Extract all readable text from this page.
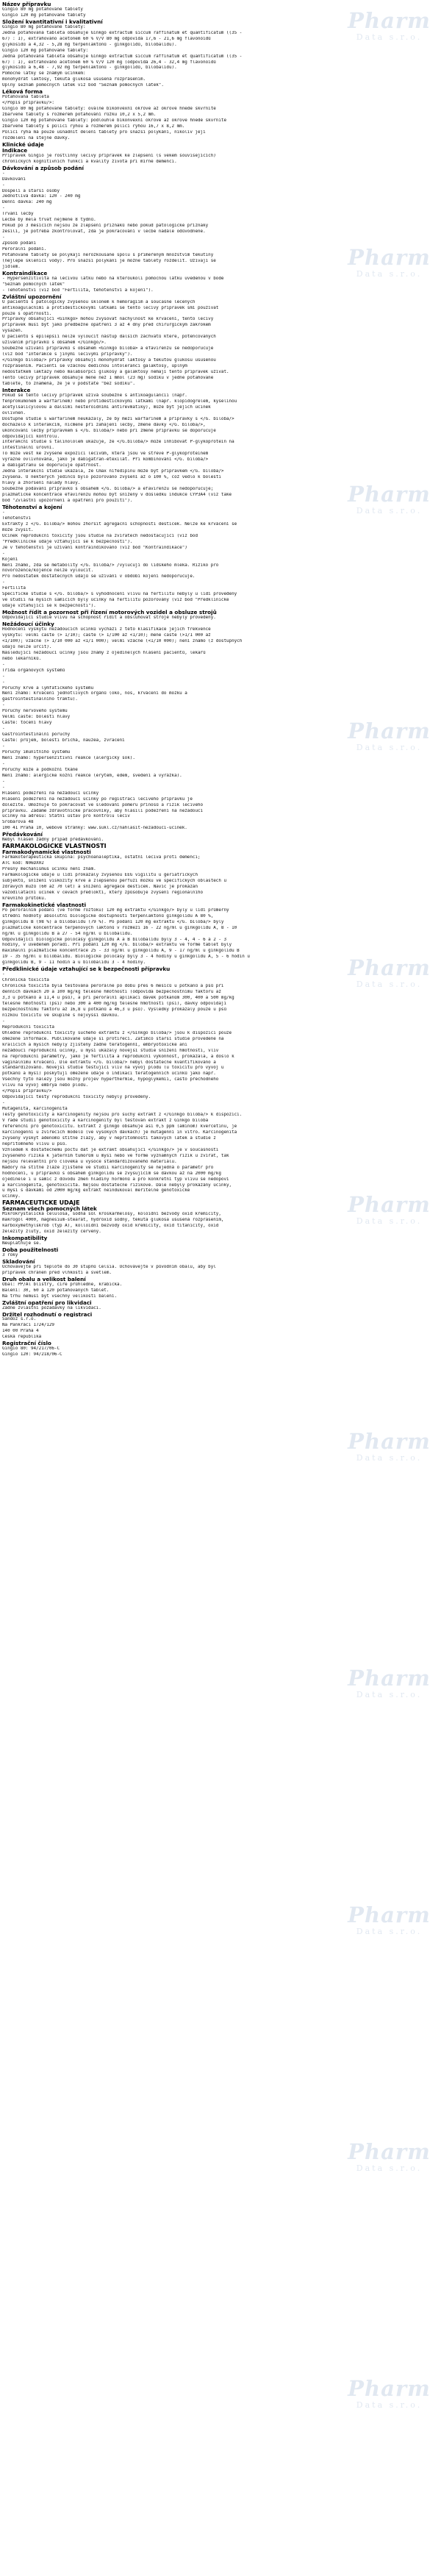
Název přípravku
Gingio 80 mg potahované tablety
Gingio 120 mg potahované tablety
Složení kvantitativní i kvalitativní
Gingio 80 mg potahované tablety:
Jedna potahovaná tableta obsahuje Ginkgo extractum siccum raffinatum et quantificatum ((35 -
67) : 1), extrahováno acetonem 60 % V/V 80 mg odpovídá 17,6 - 21,6 mg flavonoidů
glykosidů a 4,32 - 5,28 mg terpenlaktonů - ginkgolidů, bilobalidu).
Gingio 120 mg potahované tablety:
Jedna potahovaná tableta obsahuje Ginkgo extractum siccum raffinatum et quantificatum ((35 -
67) : 1), extrahováno acetonem 60 % V/V 120 mg (odpovídá 26,4 - 32,4 mg flavonoidů
glykosidů a 6,48 - 7,92 mg terpenlaktonů - ginkgolidů, bilobalidu).
Pomocné látky se známým účinkem:
monohydrát laktosy, tekutá glukosa usušená rozprášením.
Úplný seznam pomocných látek viz bod "Seznam pomocných látek".
Léková forma
Potahovaná tableta
</Popis přípravku/>:
Gingio 80 mg potahované tablety: oválné bikonvexní okrově až okrově hnědé skvrnité
zbarvené tablety s rozměrem potahování růžku 10,2 x 5,2 mm.
Gingio 120 mg potahované tablety: podlouhlé bikonvexní okrově až okrově hnědé skvrnité
zbarvené tablety s půlicí rýhou a rozměrem půlicí rýhou 16,7 x 8,2 mm.
Půlicí rýha má pouze usnadnit dělení tablety pro snazší polykání, nikoliv její
rozdělení na stejné dávky.
Klinické údaje
Indikace
Přípravek Gingio je rostlinný léčivý přípravek ke zlepšení (s věkem souvisejících)
chronických kognitivních funkcí a kvality života při mírné demenci.
Dávkování a způsob podání
-
Dávkování
-
Dospělí a starší osoby
Jednotlivá dávka: 120 - 240 mg
Denní dávka: 240 mg
-
Trvání léčby
Léčba by měla trvat nejméně 8 týdnů.
Pokud po 3 měsících nejsou že zlepšení příznaků nebo pokud patologické příznaky
zesílí, je potřeba zkontrolovat, zda je pokračování v léčbě nadále odůvodněné.
-
Způsob podání
Perorální podání.
Potahované tablety se polykají nerozkousané spolu s přiměřeným množstvím tekutiny
(nejlépe sklenicí vody). Pro snazší polykání je možné tablety rozdělit. Užívají se
jídlem.
Kontraindikace
- Hypersenzitivita na léčivou látku nebo na kteroukoli pomocnou látku uvedenou v bodě
"Seznam pomocných látek"
- Těhotenství (viz bod "Fertilita, těhotenství a kojení").
Zvláštní upozornění
U pacientů s patologicky zvýšenou sklonem k hemoragiím a současně léčených
antikoagulačními a protidestičkovými látkami se tento léčivý přípravek smí používat
pouze s opatrností.
Přípravky obsahující <Ginkgo> mohou zvyšovat náchylnost ke krvácení, tento léčivý
přípravek musí být jako předběžné opatření 3 až 4 dny před chirurgickým zákrokem
vysazen.
U pacientů s epilepsií nelze vyloučit nástup dalších záchvatů které, potencovaných
užíváním přípravků s obsahem </Ginkgo/>.
Souběžné užívání přípravků s obsahem <Ginkgo biloba> a efavirenzu se nedoporučuje
(viz bod "Interakce s jinými léčivými přípravky").
</Ginkgo biloba/> přípravky obsahují monohydrát laktosy a tekutou glukosu usušenou
rozprášením. Pacienti se vzácnou dědičnou intolerancí galaktosy, úplným
nedostatkem laktázy nebo malabsorpcí glukosy a galaktosy nemají tento přípravek užívat.
Tento léčivý přípravek obsahuje méně než 1 mmol (23 mg) sodíku v jedné potahované
tabletě, to znamená, že je v podstatě "bez sodíku".
Interakce
Pokud se tento léčivý přípravek užívá souběžně s antikoagulancii (např.
fenprokumonem a warfarinem) nebo protidestičkovými látkami (např. klopidogrelem, kyselinou
acetylsalicylovou a dalšími nesteroidními antirevmatiky), může být jejich účinek
ovlivněn.
Dostupné studie s warfarinem neukázaly, že by mezi warfarinem a přípravky s </G. biloba/>
docházelo k interakcím, nicméně při zahájení léčby, změně dávky </G. biloba/>,
ukončování léčby přípravkem s </G. biloba/> nebo při změně přípravku se doporučuje
odpovídající kontrolu.
Interakční studie s talinololem ukazuje, že </G.biloba/> může inhibovat P-glykoprotein na
intestinální úrovni.
To může vést ke zvýšené expozici léčivům, která jsou ve střevě P-glykoproteinem
výrazně ovlivňována, jako je dabigatran-etexilát. Při kombinování </G. biloba/>
a dabigatranu se doporučuje opatrnost.
Jedna interakční studie ukázala, že Cmax nifedipinu může být přípravkem </G. biloba/>
zvýšena. U některých jedinců bylo pozorováno zvýšení až o 100 %, což vedlo k bolesti
hlavy a zhoršení nálady hlavy.
Souběžné podávání přípravků s obsahem </G. biloba/> a efavirenzu se nedoporučuje;
plazmatické koncentrace efavirenzu mohou být snížený v důsledku indukce CYP3A4 (viz také
bod "Zvláštní upozornění a opatření pro použití").
Těhotenství a kojení
-
Těhotenství
Extrakty z </G. biloba/> mohou zhoršit agregační schopnosti destiček. Nelze ke krvácení se
může zvýšit.
Účinek reprodukční toxicity jsou studie na zvířatech nedostačující (viz bod
"Předklinické údaje vztahující se k bezpečnosti").
Je v těhotenství je užívání kontraindikováno (viz bod "Kontraindikace")
-
Kojení
Není známo, zda se metabolity </G. biloba/> /vylučují do lidského mléka. Riziko pro
novorozence/kojence nelze vyloučit.
Pro nedostatek dostatečných údajů se užívání v období kojení nedoporučuje.
-
Fertilita
Specifické studie s </G. biloba/> s vyhodnocení vlivu na fertilitu nebyly u lidí provedeny
ve studii na myších samicích byly účinky na fertilitu pozorovány (viz bod "Předklinické
údaje vztahující se k bezpečnosti").
Možnost řídit a pozornost při řízení motorových vozidel a obsluze strojů
Odpovídající studie vlivu na schopnost řídit a obsluhovat stroje nebyly provedeny.
Nežádoucí účinky
Hodnocení výskytu nežádoucích účinků vychází z této klasifikace jejich frekvence
výskytu: velmi časté (> 1/10); časté (> 1/100 až <1/10); méně časté (>1/1 000 až
<1/100); vzácné (> 1/10 000 až <1/1 000); velmi vzácné (<1/10 000); není známo (z dostupných
údajů nelze určit).
Následující nežádoucí účinky jsou známy z ojedinělých hlášení pacientů, lékařů
nebo lékárníků.
-
Třída orgánových systémů
-
-
Poruchy krve a lymfatického systému
Není známo: krvácení jednotlivých orgánů (oko, nos, krvácení do mozku a
gastrointestinálního traktu).
-
Poruchy nervového systému
Velmi časté: bolesti hlavy
Časté: točení hlavy
-
Gastrointestinální poruchy
Časté: průjem, bolesti břicha, nauzea, zvracení
-
Poruchy imunitního systému
Není známo: hypersenzitivní reakce (alergický šok).
-
Poruchy kůže a podkožní tkáně
Není známo: alergické kožní reakce (erytém, edém, svědění a vyrážka).
-
-
Hlášení podezření na nežádoucí účinky
Hlášení podezření na nežádoucí účinky po registraci léčivého přípravku je
důležité. Umožňuje to pokračovat ve sledování poměru přínosů a rizik léčivého
přípravku. Žádáme zdravotnické pracovníky, aby hlásili podezření na nežádoucí
účinky na adresu: Státní ústav pro kontrolu léčiv
Šrobárova 48
100 41 Praha 10, webové stránky: www.sukl.cz/nahlasit-nezadouci-ucinek.
Předávkování
Nebyl hlášen žádný případ předávkování.
FARMAKOLOGICKÉ VLASTNOSTI
Farmakodynamické vlastnosti
Farmakoterapeutická skupina: psychoanaleptika, ostatní léčiva proti demenci;
ATC kód: N06DX02
Přesný mechanismus účinku není znám.
Farmakologické údaje u lidí prokázaly zvýšenou EEG vigilitu u geriatrických
subjektů, snížení viskozity krve a zlepšenou perfuzi mozku ve specifických oblastech u
zdravých mužů (60 až 70 let) a snížení agregace destiček. Navíc je prokázán
vazodilatační účinek v cévách předloktí, který způsobuje zvýšení regionálního
krevního průtoku.
Farmakokinetické vlastnosti
Po perorálním podání (ve formě roztoku) 120 mg extraktu </Ginkgo/> byly u lidí průměrný
střední hodnoty absolutní biologické dostupnosti terpenlaktonů ginkgolidu A 80 %,
ginkgolidu B (98 %) a bilobalidu (79 %). Po podání 120 mg extraktu </G. biloba/> byly
plazmatické koncentrace terpenových laktonů v rozmezí 16 - 22 ng/ml u ginkgolidu A, 8 - 10
ng/ml u ginkgolidu B a 27 - 54 ng/ml u bilobalidu.
Odpovídající biologické poločasy ginkgolidu A a B bilobalidu byly 3 - 4, 4 - 6 a 2 - 3
hodiny, v uvedeném pořadí. Při podání 120 mg </G. biloba/> extraktu ve formě tablet byly
maximální plazmatické koncentrace 25 - 33 ng/ml u ginkgolidu A, 9 - 17 ng/ml u ginkgolidu B
19 - 35 ng/ml u bilobalidu. Biologické poločasy byly 3 - 4 hodiny u ginkgolidu A, 5 - 6 hodin u
ginkgolidu B, 9 - 11 hodin a u bilobalidu 3 - 4 hodiny.
Předklinické údaje vztahující se k bezpečnosti přípravku
-
Chronická toxicita
Chronická toxicita byla testována perorálně po dobu přes 6 měsíců u potkanů a psů při
denních dávkách 20 a 100 mg/kg tělesné hmotnosti (odpovídá bezpečnostnímu faktoru až
3,3 u potkanů a 11,4 u psů), a při perorální aplikaci dávek potkanům 300, 400 a 500 mg/kg
tělesné hmotnosti (psi) nebo 300 a 400 mg/kg tělesné hmotnosti (psi), dávky odpovídají
bezpečnostnímu faktoru až 16,8 u potkanů a 46,3 u psů). Výsledky prokázaly pouze u psů
nízkou toxicitu ve skupině s nejvyšší dávkou.
-
Reprodukční toxicita
Ohledně reprodukční toxicity suchého extraktu z </Ginkgo biloba/> jsou k dispozici pouze
omezené informace. Publikované údaje si protiřečí. Zatímco starší studie provedené na
kralících a myších nebyly zjištěny žádné teratogenní, embryotoxické ani
nežádoucí reprodukční účinky, u myší ukázaly novější studie snížení hmotnosti, vliv
na reprodukční parametry, jako je fertilita a reprodukční výkonnost, prokázala, a došlo k
vaginálnímu krvácení. Dle extraktu </G. biloba/> nebyl dostatečně kvantifikováno a
standardizováno. Novější studie testující vliv na vývoj plodu (u toxicitu pro vývoj u
potkanů a myší) poskytují omezené údaje o indikaci teratogenních účinků jako např.
Všechny tyto nálezy jsou možný projev hyperthermie, hypoglykemii, často přechodného
vlivu na vývoj embrya nebo plodu.
</Popis přípravku/>
Odpovídající testy reprodukční toxicity nebyly provedeny.
-
Mutagenita, karcinogenita
Testy genotoxicity a karcinogenity nejsou pro suchý extrakt z </Ginkgo biloba/> k dispozici.
V řadě studií genotoxicity a karcinogenity byl testován extrakt z Ginkgo biloba
referenční pro genotoxicitu. Extrakt z ginkgo obsahuje asi 0,5 ppm (aminom) kvercetinu, je
karcinogenní u zvířecích modelů (ve vysokých dávkách) je mutagenní in vitro. Karcinogenita
zvýšený výskyt adenomů štítné žlázy, aby v nepřítomnosti takových látek a studie z
nepřítomného vlivu u psů.
Vzhledem k dostatečnému počtu dat je extrakt obsahující </Ginkgo/> je v současnosti
zvýšeného rizika k jaterním tumorům u myší nebo ve formě významných rizik u zvířat, tak
nejsou relevantní pro člověka u vysoce standardizovaného materiálu.
Nádory na štítné žláze zjištěné ve studii karcinogenity se nejedná o parametr pro
hodnocení, u přípravků s obsahem ginkgolidu se zvyšujícím se dávkou až na 2000 mg/kg
ojediněle i u samic z důvodu změn hladiny hormonů a pro konkrétní typ vlivu se nedopoví
a karcinogenita, genotoxicita. Nejsou dostatečně rizikové. Dále nebyly prokázány účinky,
u myší s dávkami od 2000 mg/kg extrakt neindukoval měřitelné genotoxické
účinky.
FARMACEUTICKÉ ÚDAJE
Seznam všech pomocných látek
Mikrokrystalická celulosa, sodná sůl kroskarmelosy, koloidní bezvodý oxid křemičitý,
makrogol 4000, magnesium-stearát, hydroxid sodný, tekutá glukosa usušená rozprášením,
karboxymethylškrob (typ A), kolloidní bezvodý oxid křemičitý, oxid titaničitý, oxid
železitý žlutý, oxid železitý červený.
Inkompatibility
Neuplatňuje se.
Doba použitelnosti
3 roky
Skladování
Uchovávejte při teplotě do 30 stupňů Celsia. Uchovávejte v původním obalu, aby byl
přípravek chráněn před vlhkostí a světlem.
Druh obalu a velikost balení
Obal: PP/Al blistry, čiré průhledné, krabička.
Balení: 30, 60 a 120 potahovaných tablet.
Na trhu nemusí být všechny velikosti balení.
Zvláštní opatření pro likvidaci
Žádné zvláštní požadavky na likvidaci.
Držitel rozhodnutí o registraci
Sandoz s.r.o.
Na Pankráci 1724/129
140 00 Praha 4
Česká republika
Registrační číslo
Gingio 80: 94/217/06-C
Gingio 120: 94/218/06-C
Pharm
Data s.r.o.
Pharm
Data s.r.o.
Pharm
Data s.r.o.
Pharm
Data s.r.o.
Pharm
Data s.r.o.
Pharm
Data s.r.o.
Pharm
Data s.r.o.
Pharm
Data s.r.o.
Pharm
Data s.r.o.
Pharm
Data s.r.o.
Pharm
Data s.r.o.
